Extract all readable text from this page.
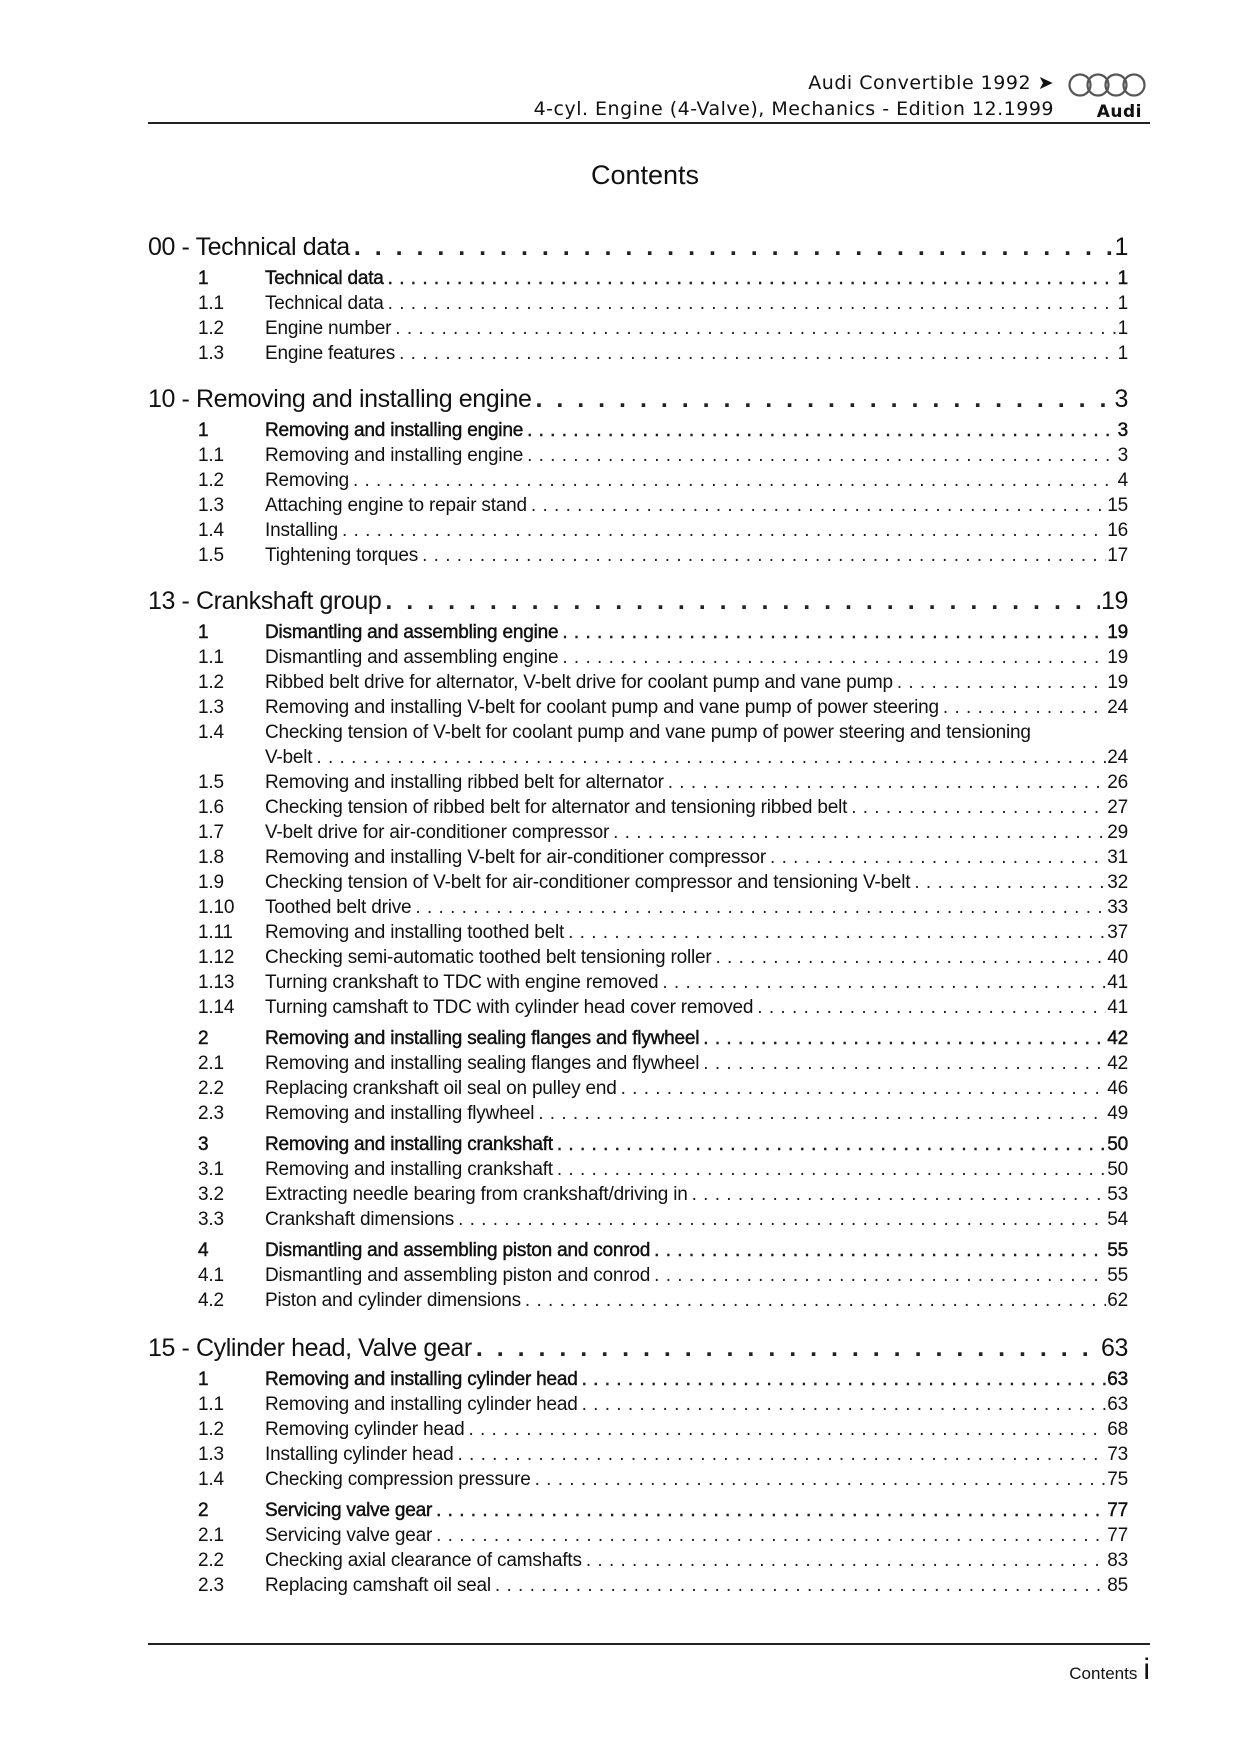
Audi Convertible 1992 ➤
4-cyl. Engine (4-Valve), Mechanics - Edition 12.1999	Audi
Contents
00 - Technical data . . .	1
1	Technical data . . .	1
1.1	Technical data . . .	1
1.2	Engine number . . .	1
1.3	Engine features . . .	1
10 - Removing and installing engine . . .	3
1	Removing and installing engine . . .	3
1.1	Removing and installing engine . . .	3
1.2	Removing . . .	4
1.3	Attaching engine to repair stand . . .	15
1.4	Installing . . .	16
1.5	Tightening torques . . .	17
13 - Crankshaft group . . .	19
1	Dismantling and assembling engine . . .	19
1.1	Dismantling and assembling engine . . .	19
1.2	Ribbed belt drive for alternator, V-belt drive for coolant pump and vane pump . . .	19
1.3	Removing and installing V-belt for coolant pump and vane pump of power steering . . .	24
1.4	Checking tension of V-belt for coolant pump and vane pump of power steering and tensioning
V-belt . . .	24
1.5	Removing and installing ribbed belt for alternator . . .	26
1.6	Checking tension of ribbed belt for alternator and tensioning ribbed belt . . .	27
1.7	V-belt drive for air-conditioner compressor . . .	29
1.8	Removing and installing V-belt for air-conditioner compressor . . .	31
1.9	Checking tension of V-belt for air-conditioner compressor and tensioning V-belt . . .	32
1.10	Toothed belt drive . . .	33
1.11	Removing and installing toothed belt . . .	37
1.12	Checking semi-automatic toothed belt tensioning roller . . .	40
1.13	Turning crankshaft to TDC with engine removed . . .	41
1.14	Turning camshaft to TDC with cylinder head cover removed . . .	41
2	Removing and installing sealing flanges and flywheel . . .	42
2.1	Removing and installing sealing flanges and flywheel . . .	42
2.2	Replacing crankshaft oil seal on pulley end . . .	46
2.3	Removing and installing flywheel . . .	49
3	Removing and installing crankshaft . . .	50
3.1	Removing and installing crankshaft . . .	50
3.2	Extracting needle bearing from crankshaft/driving in . . .	53
3.3	Crankshaft dimensions . . .	54
4	Dismantling and assembling piston and conrod . . .	55
4.1	Dismantling and assembling piston and conrod . . .	55
4.2	Piston and cylinder dimensions . . .	62
15 - Cylinder head, Valve gear . . .	63
1	Removing and installing cylinder head . . .	63
1.1	Removing and installing cylinder head . . .	63
1.2	Removing cylinder head . . .	68
1.3	Installing cylinder head . . .	73
1.4	Checking compression pressure . . .	75
2	Servicing valve gear . . .	77
2.1	Servicing valve gear . . .	77
2.2	Checking axial clearance of camshafts . . .	83
2.3	Replacing camshaft oil seal . . .	85
Contents i
